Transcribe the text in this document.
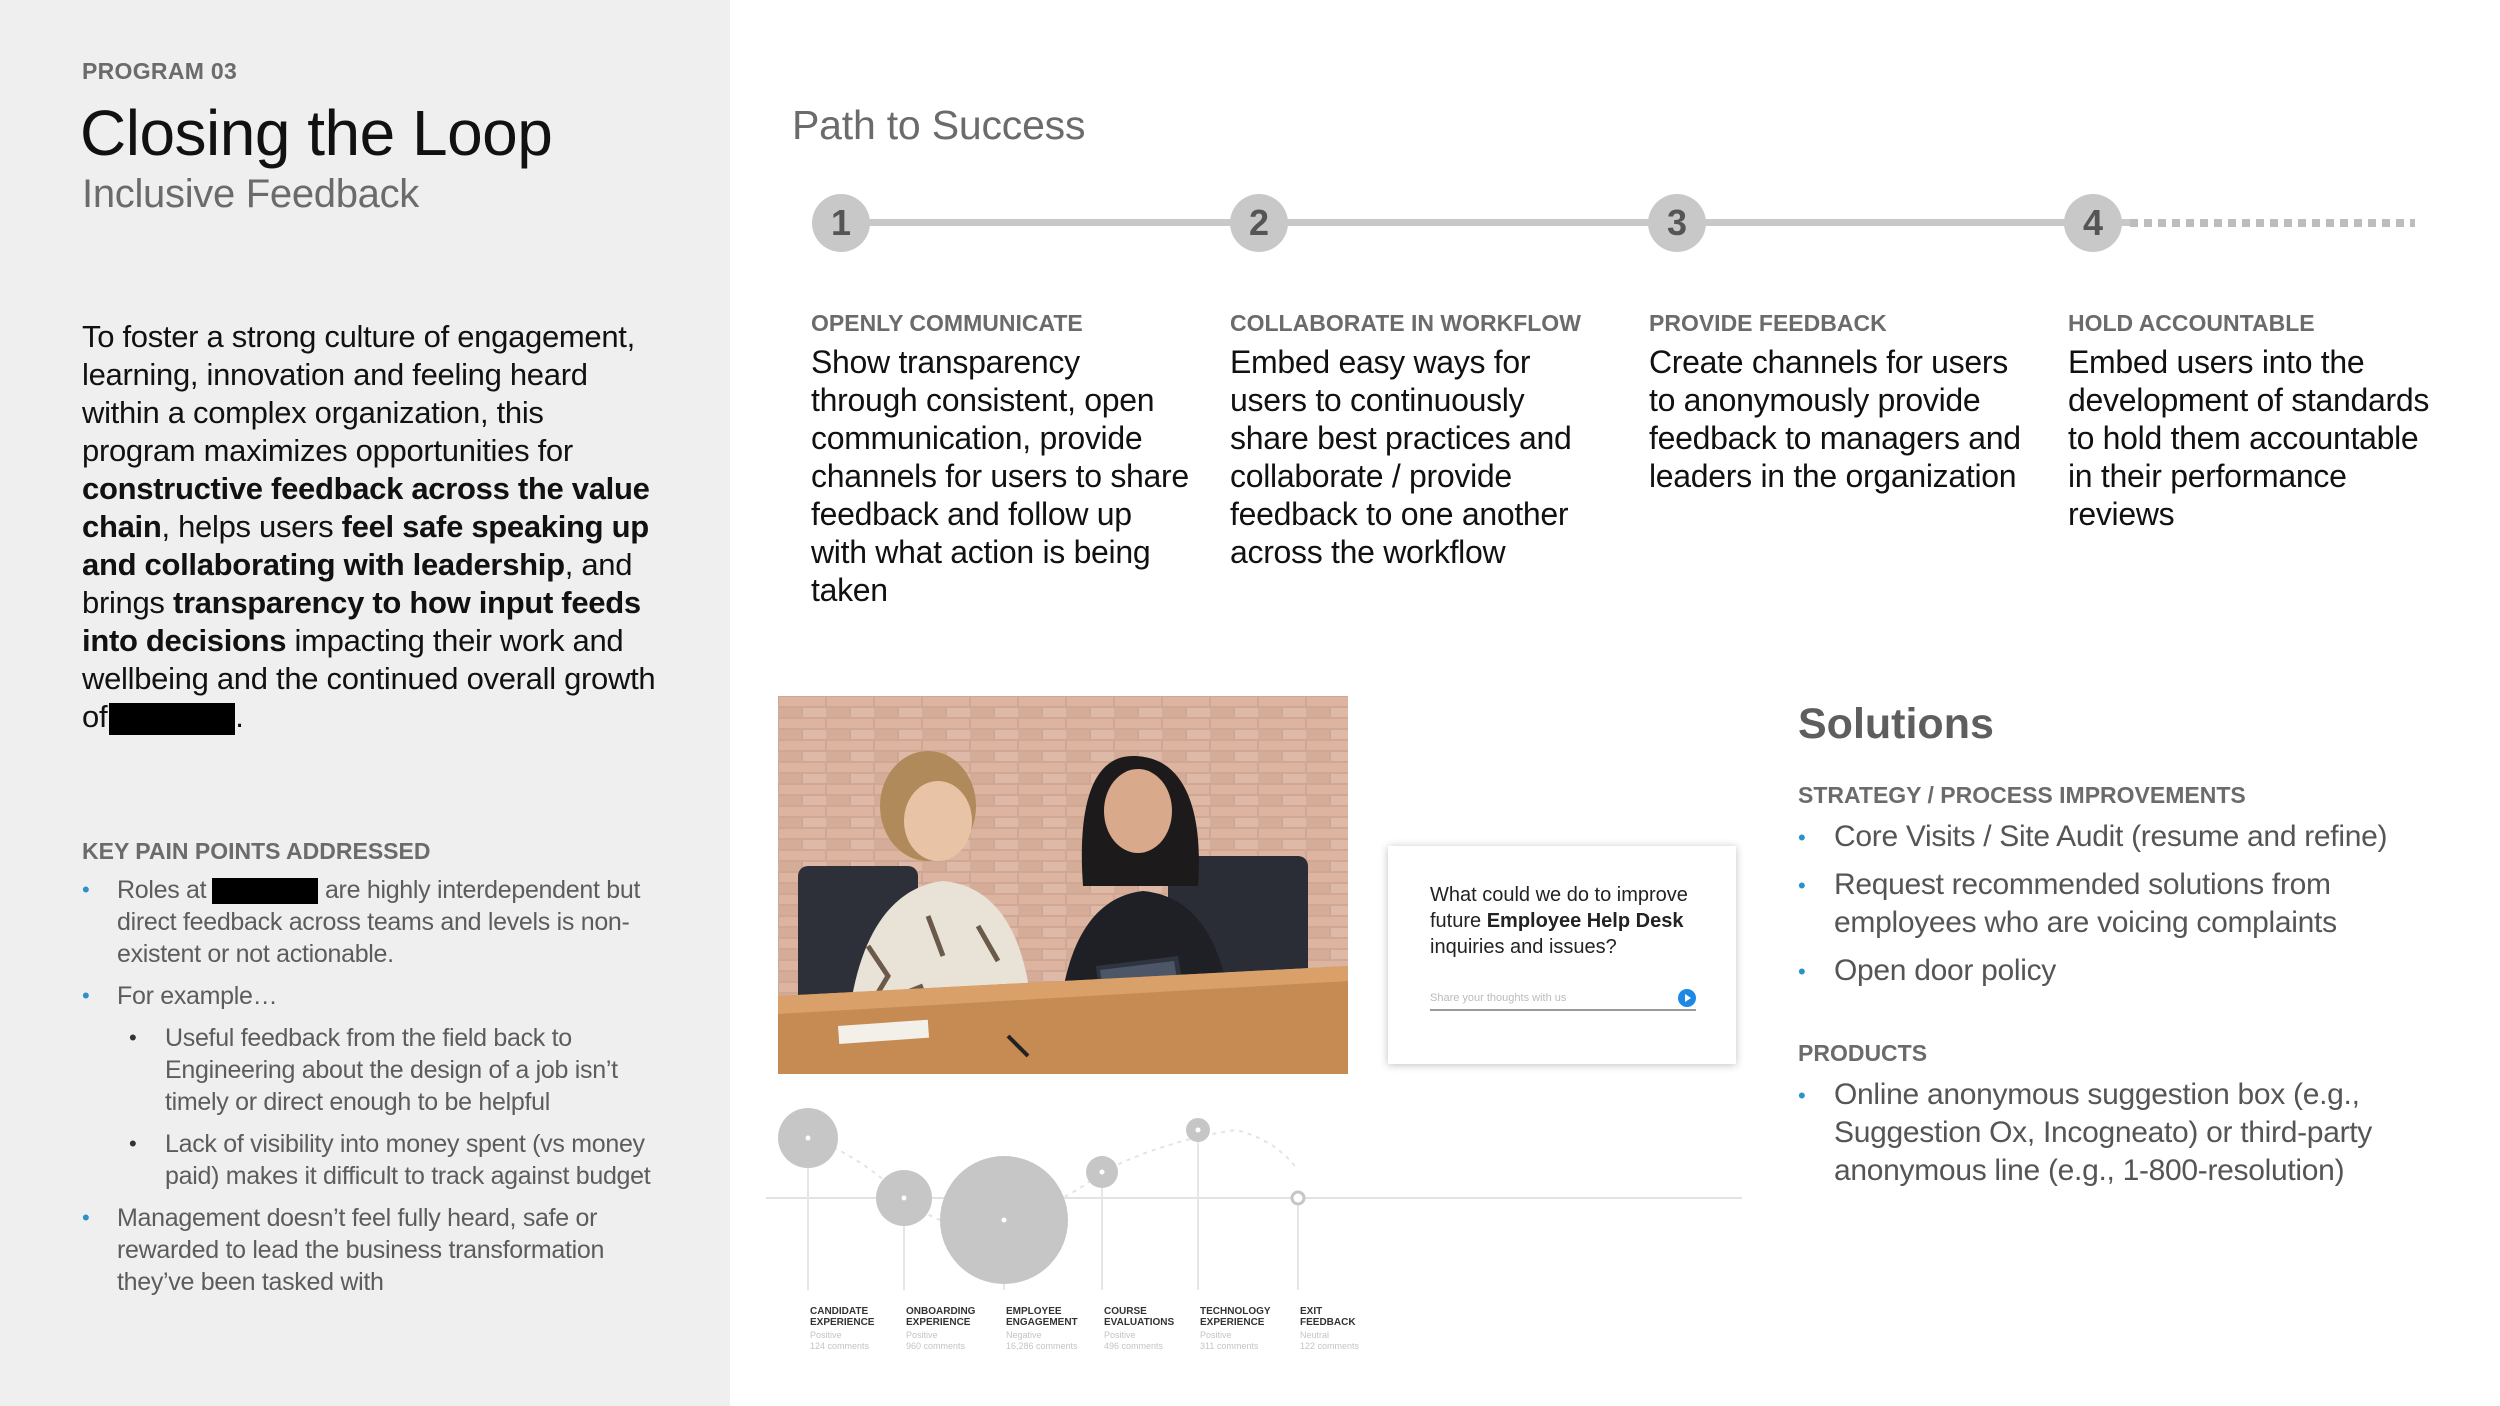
PROGRAM 03
Closing the Loop
Inclusive Feedback
To foster a strong culture of engagement, learning, innovation and feeling heard within a complex organization, this program maximizes opportunities for constructive feedback across the value chain, helps users feel safe speaking up and collaborating with leadership, and brings transparency to how input feeds into decisions impacting their work and wellbeing and the continued overall growth of	.
KEY PAIN POINTS ADDRESSED
• Roles at	are highly interdependent but direct feedback across teams and levels is non-existent or not actionable.
• For example…
• Useful feedback from the field back to Engineering about the design of a job isn’t timely or direct enough to be helpful
• Lack of visibility into money spent (vs money paid) makes it difficult to track against budget
• Management doesn’t feel fully heard, safe or rewarded to lead the business transformation they’ve been tasked with
Path to Success
1	2	3	4
OPENLY COMMUNICATE
Show transparency through consistent, open communication, provide channels for users to share feedback and follow up with what action is being taken
COLLABORATE IN WORKFLOW
Embed easy ways for users to continuously share best practices and collaborate / provide feedback to one another across the workflow
PROVIDE FEEDBACK
Create channels for users to anonymously provide feedback to managers and leaders in the organization
HOLD ACCOUNTABLE
Embed users into the development of standards to hold them accountable in their performance reviews
What could we do to improve future Employee Help Desk inquiries and issues?
Share your thoughts with us
CANDIDATE
EXPERIENCE
Positive
124 comments
ONBOARDING
EXPERIENCE
Positive
960 comments
EMPLOYEE
ENGAGEMENT
Negative
16,286 comments
COURSE
EVALUATIONS
Positive
496 comments
TECHNOLOGY
EXPERIENCE
Positive
311 comments
EXIT
FEEDBACK
Neutral
122 comments
Solutions
STRATEGY / PROCESS IMPROVEMENTS
• Core Visits / Site Audit (resume and refine)
• Request recommended solutions from employees who are voicing complaints
• Open door policy
PRODUCTS
• Online anonymous suggestion box (e.g., Suggestion Ox, Incogneato) or third-party anonymous line (e.g., 1-800-resolution)
